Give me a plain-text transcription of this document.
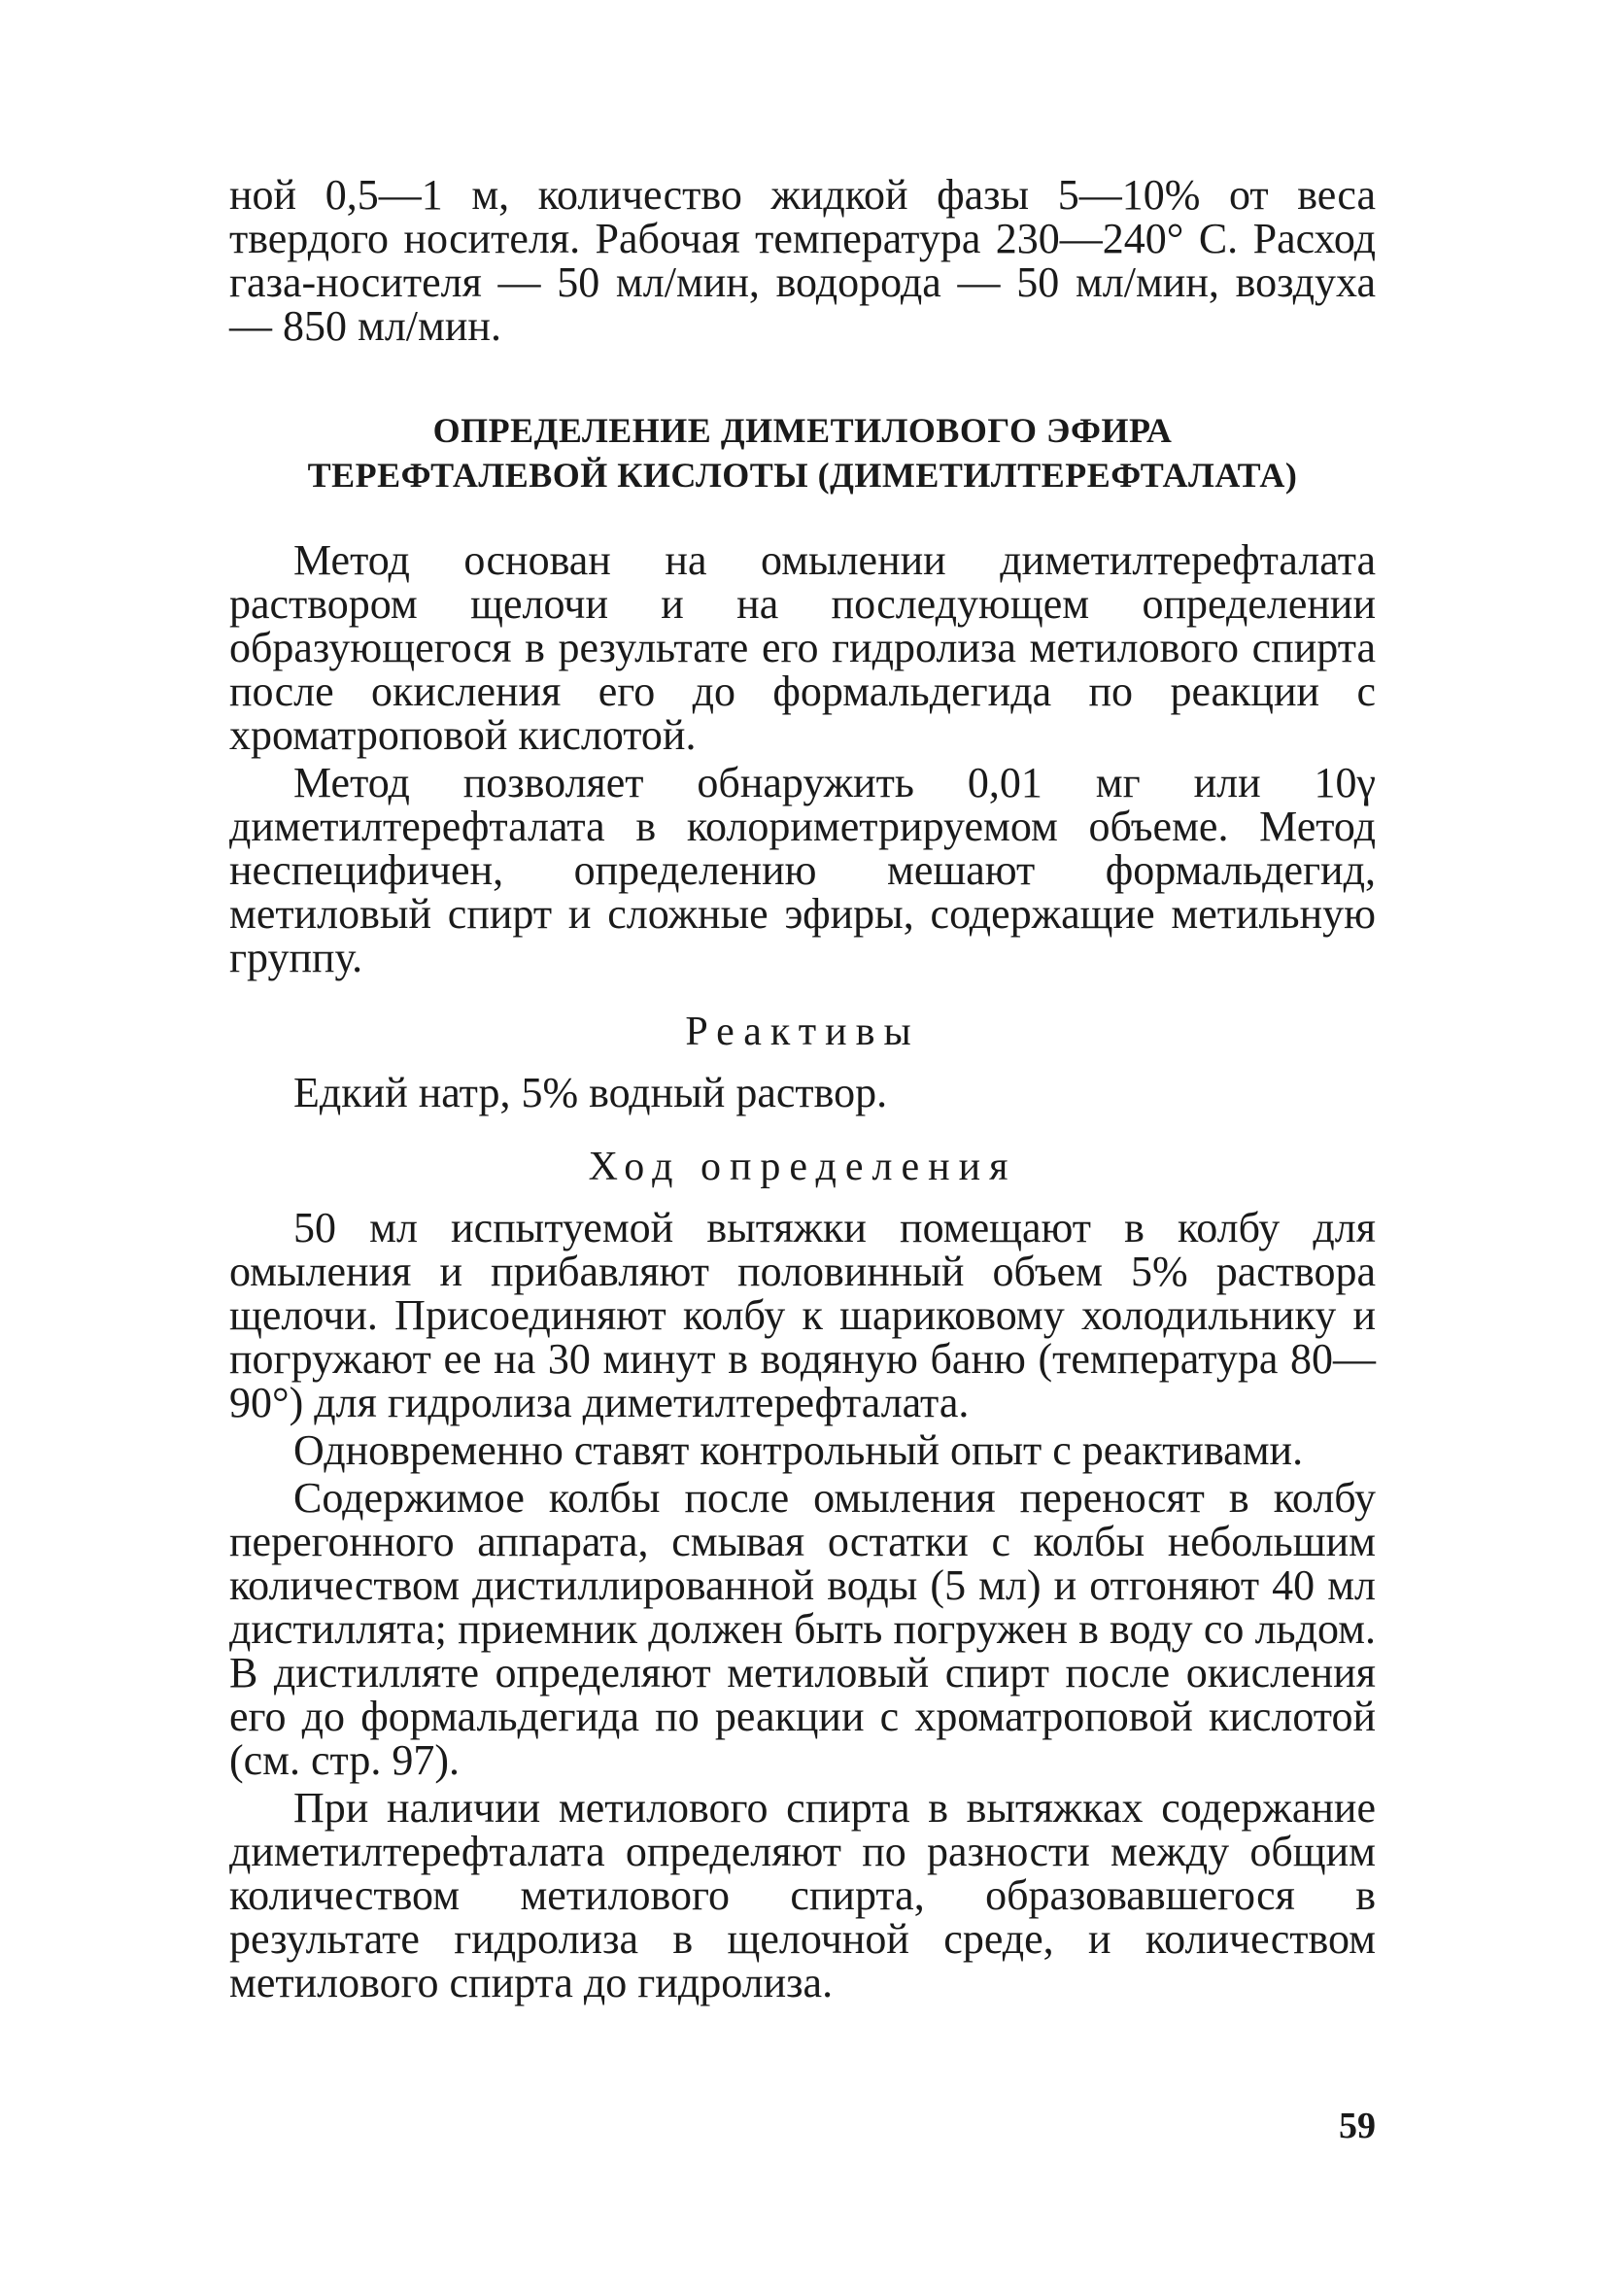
ной 0,5—1 м, количество жидкой фазы 5—10% от веса твердого носителя. Рабочая температура 230—240° С. Расход газа-носителя — 50 мл/мин, водорода — 50 мл/мин, воздуха — 850 мл/мин.

ОПРЕДЕЛЕНИЕ ДИМЕТИЛОВОГО ЭФИРА
ТЕРЕФТАЛЕВОЙ КИСЛОТЫ (ДИМЕТИЛТЕРЕФТАЛАТА)

Метод основан на омылении диметилтерефталата раствором щелочи и на последующем определении образующегося в результате его гидролиза метилового спирта после окисления его до формальдегида по реакции с хроматроповой кислотой.

Метод позволяет обнаружить 0,01 мг или 10γ диметилтерефталата в колориметрируемом объеме. Метод неспецифичен, определению мешают формальдегид, метиловый спирт и сложные эфиры, содержащие метильную группу.

Реактивы

Едкий натр, 5% водный раствор.

Ход определения

50 мл испытуемой вытяжки помещают в колбу для омыления и прибавляют половинный объем 5% раствора щелочи. Присоединяют колбу к шариковому холодильнику и погружают ее на 30 минут в водяную баню (температура 80—90°) для гидролиза диметилтерефталата.

Одновременно ставят контрольный опыт с реактивами.

Содержимое колбы после омыления переносят в колбу перегонного аппарата, смывая остатки с колбы небольшим количеством дистиллированной воды (5 мл) и отгоняют 40 мл дистиллята; приемник должен быть погружен в воду со льдом. В дистилляте определяют метиловый спирт после окисления его до формальдегида по реакции с хроматроповой кислотой (см. стр. 97).

При наличии метилового спирта в вытяжках содержание диметилтерефталата определяют по разности между общим количеством метилового спирта, образовавшегося в результате гидролиза в щелочной среде, и количеством метилового спирта до гидролиза.

59
